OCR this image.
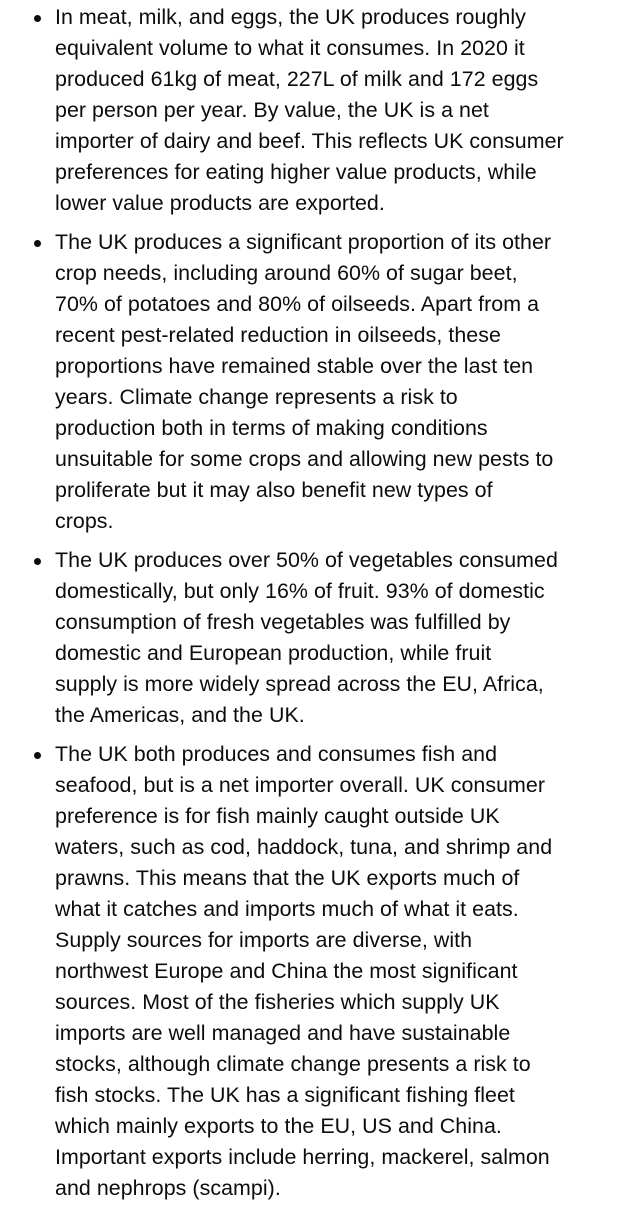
In meat, milk, and eggs, the UK produces roughly
equivalent volume to what it consumes. In 2020 it
produced 61kg of meat, 227L of milk and 172 eggs
per person per year. By value, the UK is a net
importer of dairy and beef. This reflects UK consumer
preferences for eating higher value products, while
lower value products are exported.
The UK produces a significant proportion of its other
crop needs, including around 60% of sugar beet,
70% of potatoes and 80% of oilseeds. Apart from a
recent pest-related reduction in oilseeds, these
proportions have remained stable over the last ten
years. Climate change represents a risk to
production both in terms of making conditions
unsuitable for some crops and allowing new pests to
proliferate but it may also benefit new types of
crops.
The UK produces over 50% of vegetables consumed
domestically, but only 16% of fruit. 93% of domestic
consumption of fresh vegetables was fulfilled by
domestic and European production, while fruit
supply is more widely spread across the EU, Africa,
the Americas, and the UK.
The UK both produces and consumes fish and
seafood, but is a net importer overall. UK consumer
preference is for fish mainly caught outside UK
waters, such as cod, haddock, tuna, and shrimp and
prawns. This means that the UK exports much of
what it catches and imports much of what it eats.
Supply sources for imports are diverse, with
northwest Europe and China the most significant
sources. Most of the fisheries which supply UK
imports are well managed and have sustainable
stocks, although climate change presents a risk to
fish stocks. The UK has a significant fishing fleet
which mainly exports to the EU, US and China.
Important exports include herring, mackerel, salmon
and nephrops (scampi).
